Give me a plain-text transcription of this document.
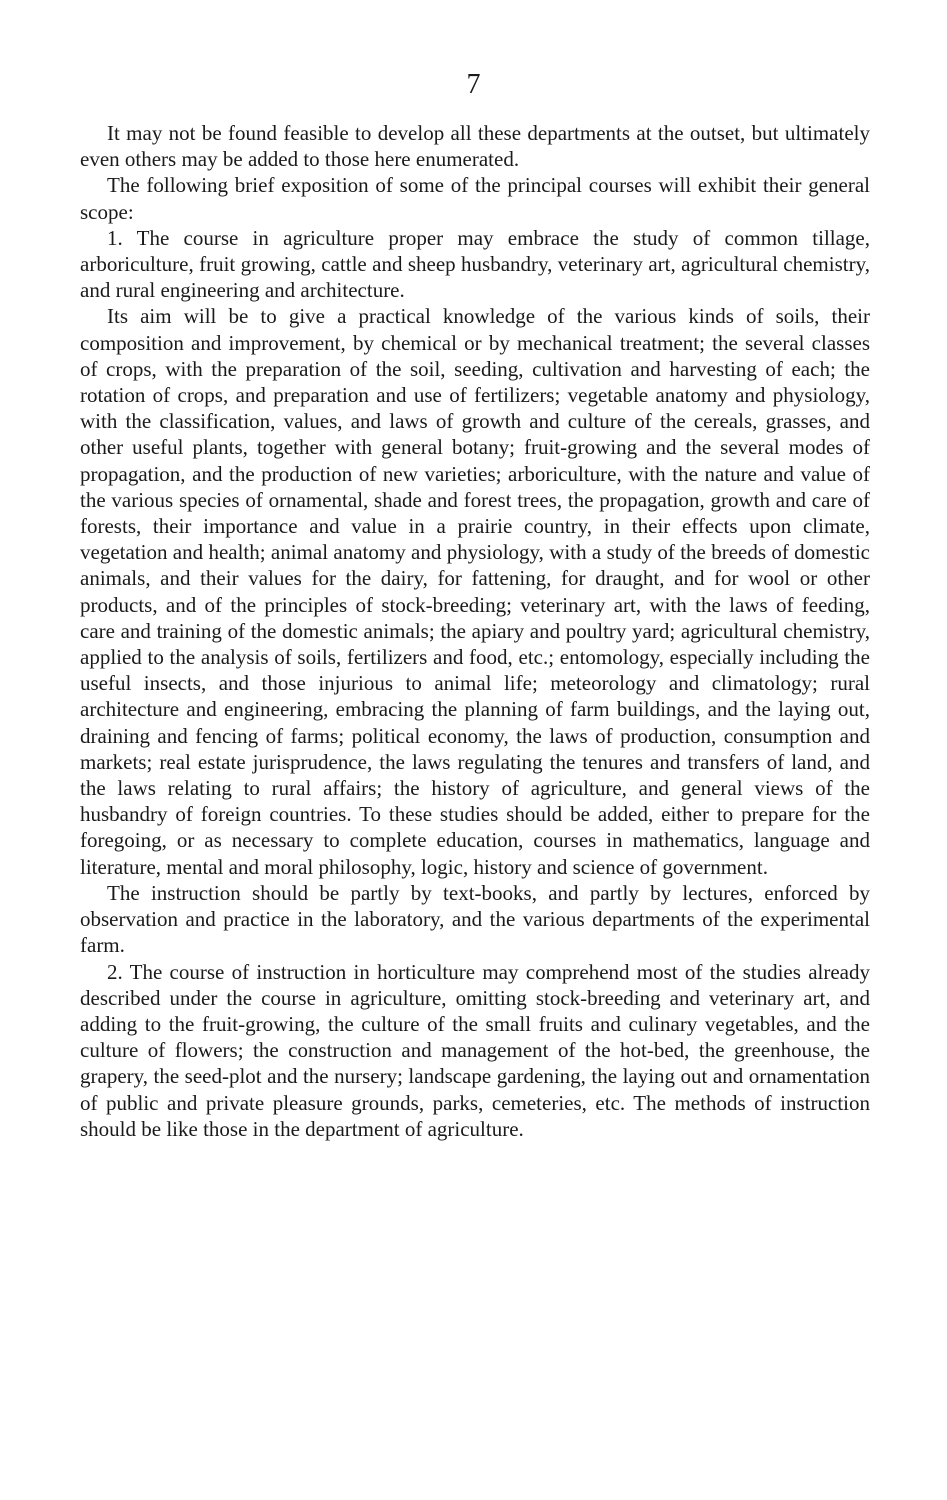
7

It may not be found feasible to develop all these departments at the outset, but ultimately even others may be added to those here enumerated.

The following brief exposition of some of the principal courses will exhibit their general scope:

1. The course in agriculture proper may embrace the study of common tillage, arboriculture, fruit growing, cattle and sheep husbandry, veterinary art, agricultural chemistry, and rural engineering and architecture.

Its aim will be to give a practical knowledge of the various kinds of soils, their composition and improvement, by chemical or by mechanical treatment; the several classes of crops, with the preparation of the soil, seeding, cultivation and harvesting of each; the rotation of crops, and preparation and use of fertilizers; vegetable anatomy and physiology, with the classification, values, and laws of growth and culture of the cereals, grasses, and other useful plants, together with general botany; fruit-growing and the several modes of propagation, and the production of new varieties; arboriculture, with the nature and value of the various species of ornamental, shade and forest trees, the propagation, growth and care of forests, their importance and value in a prairie country, in their effects upon climate, vegetation and health; animal anatomy and physiology, with a study of the breeds of domestic animals, and their values for the dairy, for fattening, for draught, and for wool or other products, and of the principles of stock-breeding; veterinary art, with the laws of feeding, care and training of the domestic animals; the apiary and poultry yard; agricultural chemistry, applied to the analysis of soils, fertilizers and food, etc.; entomology, especially including the useful insects, and those injurious to animal life; meteorology and climatology; rural architecture and engineering, embracing the planning of farm buildings, and the laying out, draining and fencing of farms; political economy, the laws of production, consumption and markets; real estate jurisprudence, the laws regulating the tenures and transfers of land, and the laws relating to rural affairs; the history of agriculture, and general views of the husbandry of foreign countries. To these studies should be added, either to prepare for the foregoing, or as necessary to complete education, courses in mathematics, language and literature, mental and moral philosophy, logic, history and science of government.

The instruction should be partly by text-books, and partly by lectures, enforced by observation and practice in the laboratory, and the various departments of the experimental farm.

2. The course of instruction in horticulture may comprehend most of the studies already described under the course in agriculture, omitting stock-breeding and veterinary art, and adding to the fruit-growing, the culture of the small fruits and culinary vegetables, and the culture of flowers; the construction and management of the hot-bed, the greenhouse, the grapery, the seed-plot and the nursery; landscape gardening, the laying out and ornamentation of public and private pleasure grounds, parks, cemeteries, etc. The methods of instruction should be like those in the department of agriculture.
